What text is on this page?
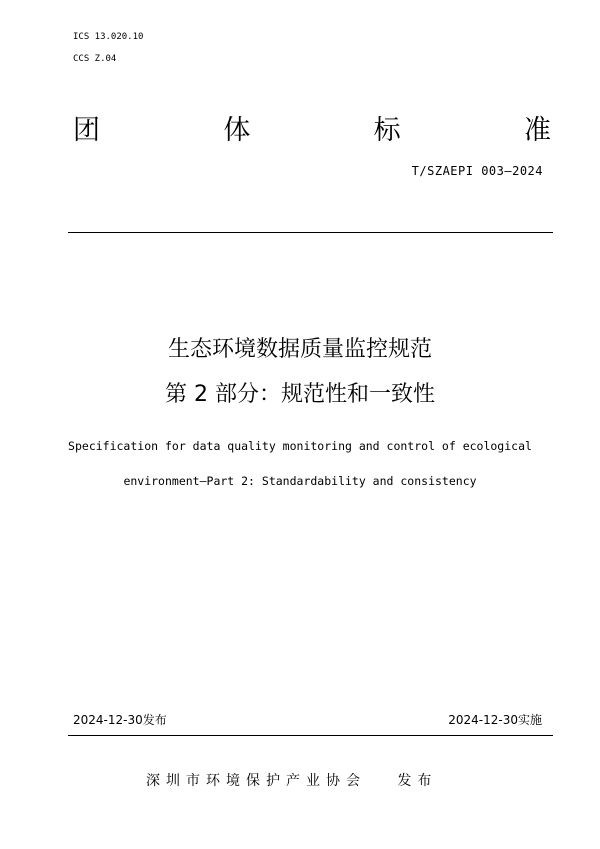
ICS 13.020.10
CCS Z.04
团	体	标	准
T/SZAEPI 003—2024
生态环境数据质量监控规范
第 2 部分：规范性和一致性
Specification for data quality monitoring and control of ecological
environment—Part 2: Standardability and consistency
2024-12-30发布	2024-12-30实施
深圳市环境保护产业协会   发布
